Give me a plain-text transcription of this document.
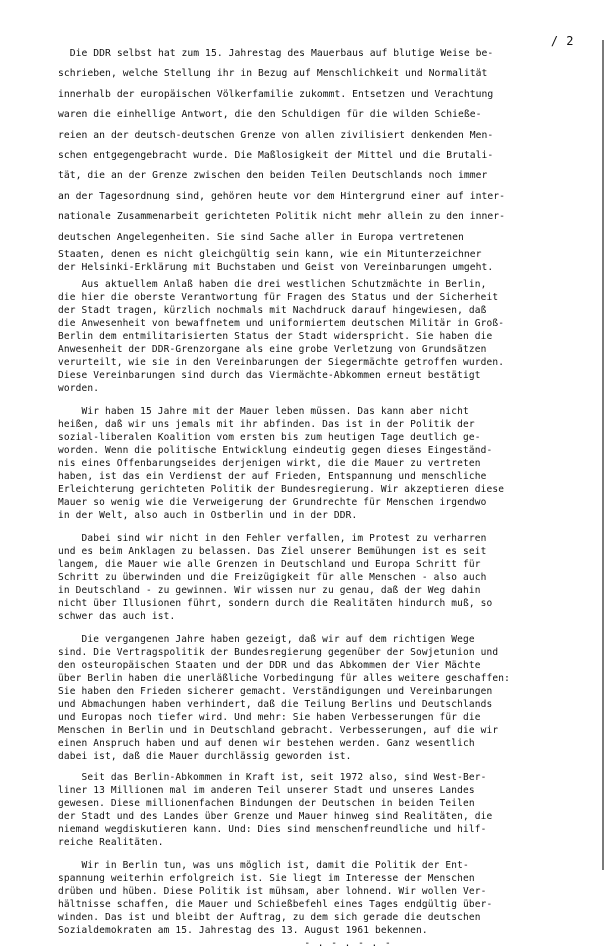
/ 2
Die DDR selbst hat zum 15. Jahrestag des Mauerbaus auf blutige Weise be-
schrieben, welche Stellung ihr in Bezug auf Menschlichkeit und Normalität
innerhalb der europäischen Völkerfamilie zukommt. Entsetzen und Verachtung
waren die einhellige Antwort, die den Schuldigen für die wilden Schieße-
reien an der deutsch-deutschen Grenze von allen zivilisiert denkenden Men-
schen entgegengebracht wurde. Die Maßlosigkeit der Mittel und die Brutali-
tät, die an der Grenze zwischen den beiden Teilen Deutschlands noch immer
an der Tagesordnung sind, gehören heute vor dem Hintergrund einer auf inter-
nationale Zusammenarbeit gerichteten Politik nicht mehr allein zu den inner-
deutschen Angelegenheiten. Sie sind Sache aller in Europa vertretenen
Staaten, denen es nicht gleichgültig sein kann, wie ein Mitunterzeichner
der Helsinki-Erklärung mit Buchstaben und Geist von Vereinbarungen umgeht.
Aus aktuellem Anlaß haben die drei westlichen Schutzmächte in Berlin,
die hier die oberste Verantwortung für Fragen des Status und der Sicherheit
der Stadt tragen, kürzlich nochmals mit Nachdruck darauf hingewiesen, daß
die Anwesenheit von bewaffnetem und uniformiertem deutschen Militär in Groß-
Berlin dem entmilitarisierten Status der Stadt widerspricht. Sie haben die
Anwesenheit der DDR-Grenzorgane als eine grobe Verletzung von Grundsätzen
verurteilt, wie sie in den Vereinbarungen der Siegermächte getroffen wurden.
Diese Vereinbarungen sind durch das Viermächte-Abkommen erneut bestätigt
worden.
Wir haben 15 Jahre mit der Mauer leben müssen. Das kann aber nicht
heißen, daß wir uns jemals mit ihr abfinden. Das ist in der Politik der
sozial-liberalen Koalition vom ersten bis zum heutigen Tage deutlich ge-
worden. Wenn die politische Entwicklung eindeutig gegen dieses Eingeständ-
nis eines Offenbarungseides derjenigen wirkt, die die Mauer zu vertreten
haben, ist das ein Verdienst der auf Frieden, Entspannung und menschliche
Erleichterung gerichteten Politik der Bundesregierung. Wir akzeptieren diese
Mauer so wenig wie die Verweigerung der Grundrechte für Menschen irgendwo
in der Welt, also auch in Ostberlin und in der DDR.
Dabei sind wir nicht in den Fehler verfallen, im Protest zu verharren
und es beim Anklagen zu belassen. Das Ziel unserer Bemühungen ist es seit
langem, die Mauer wie alle Grenzen in Deutschland und Europa Schritt für
Schritt zu überwinden und die Freizügigkeit für alle Menschen - also auch
in Deutschland - zu gewinnen. Wir wissen nur zu genau, daß der Weg dahin
nicht über Illusionen führt, sondern durch die Realitäten hindurch muß, so
schwer das auch ist.
Die vergangenen Jahre haben gezeigt, daß wir auf dem richtigen Wege
sind. Die Vertragspolitik der Bundesregierung gegenüber der Sowjetunion und
den osteuropäischen Staaten und der DDR und das Abkommen der Vier Mächte
über Berlin haben die unerläßliche Vorbedingung für alles weitere geschaffen:
Sie haben den Frieden sicherer gemacht. Verständigungen und Vereinbarungen
und Abmachungen haben verhindert, daß die Teilung Berlins und Deutschlands
und Europas noch tiefer wird. Und mehr: Sie haben Verbesserungen für die
Menschen in Berlin und in Deutschland gebracht. Verbesserungen, auf die wir
einen Anspruch haben und auf denen wir bestehen werden. Ganz wesentlich
dabei ist, daß die Mauer durchlässig geworden ist.
Seit das Berlin-Abkommen in Kraft ist, seit 1972 also, sind West-Ber-
liner 13 Millionen mal im anderen Teil unserer Stadt und unseres Landes
gewesen. Diese millionenfachen Bindungen der Deutschen in beiden Teilen
der Stadt und des Landes über Grenze und Mauer hinweg sind Realitäten, die
niemand wegdiskutieren kann. Und: Dies sind menschenfreundliche und hilf-
reiche Realitäten.
Wir in Berlin tun, was uns möglich ist, damit die Politik der Ent-
spannung weiterhin erfolgreich ist. Sie liegt im Interesse der Menschen
drüben und hüben. Diese Politik ist mühsam, aber lohnend. Wir wollen Ver-
hältnisse schaffen, die Mauer und Schießbefehl eines Tages endgültig über-
winden. Das ist und bleibt der Auftrag, zu dem sich gerade die deutschen
Sozialdemokraten am 15. Jahrestag des 13. August 1961 bekennen.
- . - . - . -
